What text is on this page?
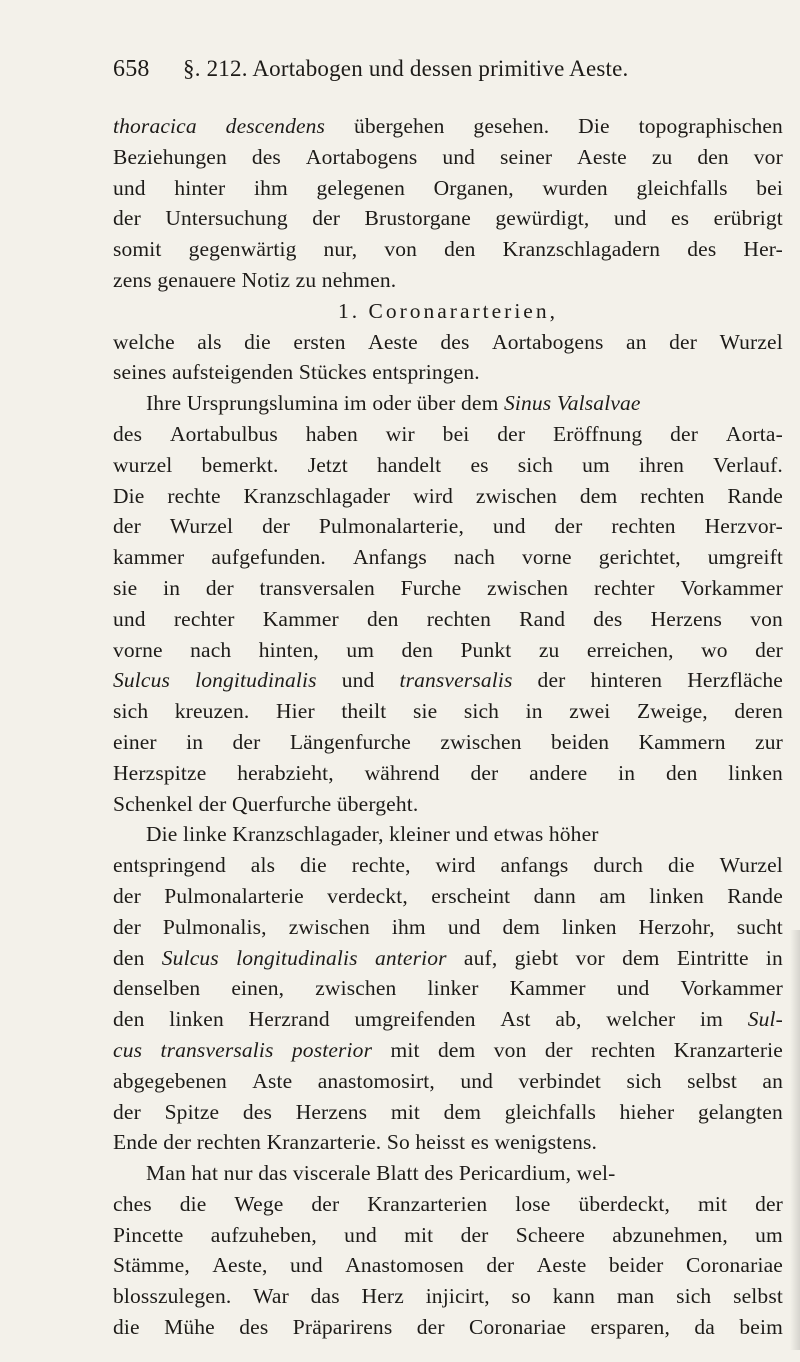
658 §. 212. Aortabogen und dessen primitive Aeste.
thoracica descendens übergehen gesehen. Die topographischen
Beziehungen des Aortabogens und seiner Aeste zu den vor
und hinter ihm gelegenen Organen, wurden gleichfalls bei
der Untersuchung der Brustorgane gewürdigt, und es erübrigt
somit gegenwärtig nur, von den Kranzschlagadern des Her-
zens genauere Notiz zu nehmen.
1. Coronararterien,
welche als die ersten Aeste des Aortabogens an der Wurzel
seines aufsteigenden Stückes entspringen.
Ihre Ursprungslumina im oder über dem Sinus Valsalvae
des Aortabulbus haben wir bei der Eröffnung der Aorta-
wurzel bemerkt. Jetzt handelt es sich um ihren Verlauf.
Die rechte Kranzschlagader wird zwischen dem rechten Rande
der Wurzel der Pulmonalarterie, und der rechten Herzvor-
kammer aufgefunden. Anfangs nach vorne gerichtet, umgreift
sie in der transversalen Furche zwischen rechter Vorkammer
und rechter Kammer den rechten Rand des Herzens von
vorne nach hinten, um den Punkt zu erreichen, wo der
Sulcus longitudinalis und transversalis der hinteren Herzfläche
sich kreuzen. Hier theilt sie sich in zwei Zweige, deren
einer in der Längenfurche zwischen beiden Kammern zur
Herzspitze herabzieht, während der andere in den linken
Schenkel der Querfurche übergeht.
Die linke Kranzschlagader, kleiner und etwas höher
entspringend als die rechte, wird anfangs durch die Wurzel
der Pulmonalarterie verdeckt, erscheint dann am linken Rande
der Pulmonalis, zwischen ihm und dem linken Herzohr, sucht
den Sulcus longitudinalis anterior auf, giebt vor dem Eintritte in
denselben einen, zwischen linker Kammer und Vorkammer
den linken Herzrand umgreifenden Ast ab, welcher im Sul-
cus transversalis posterior mit dem von der rechten Kranzarterie
abgegebenen Aste anastomosirt, und verbindet sich selbst an
der Spitze des Herzens mit dem gleichfalls hieher gelangten
Ende der rechten Kranzarterie. So heisst es wenigstens.
Man hat nur das viscerale Blatt des Pericardium, wel-
ches die Wege der Kranzarterien lose überdeckt, mit der
Pincette aufzuheben, und mit der Scheere abzunehmen, um
Stämme, Aeste, und Anastomosen der Aeste beider Coronariae
blosszulegen. War das Herz injicirt, so kann man sich selbst
die Mühe des Präparirens der Coronariae ersparen, da beim
